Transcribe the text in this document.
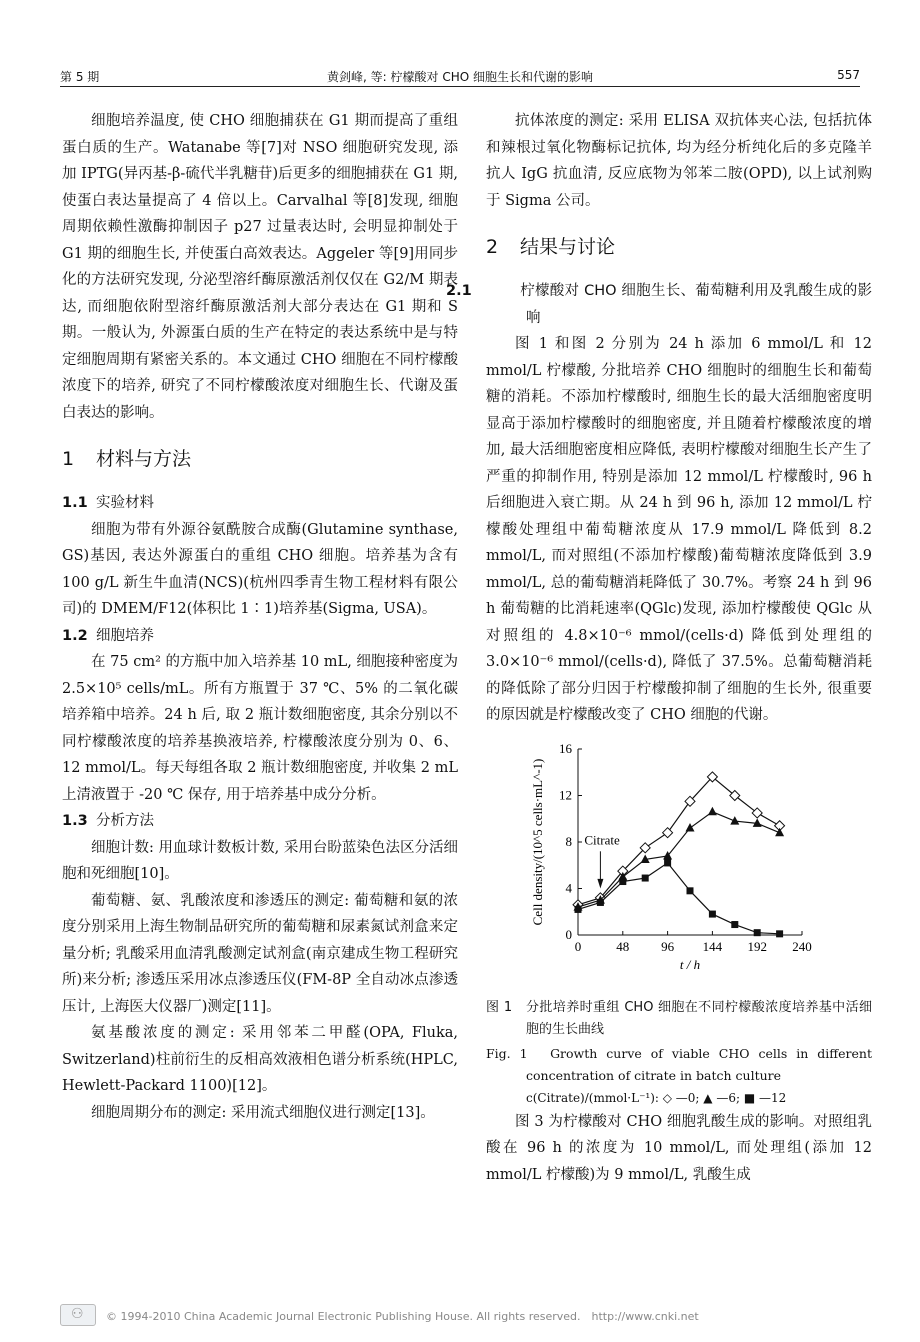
第 5 期	黄剑峰, 等: 柠檬酸对 CHO 细胞生长和代谢的影响	557

细胞培养温度, 使 CHO 细胞捕获在 G1 期而提高了重组蛋白质的生产。Watanabe 等[7]对 NSO 细胞研究发现, 添加 IPTG(异丙基-β-硫代半乳糖苷)后更多的细胞捕获在 G1 期, 使蛋白表达量提高了 4 倍以上。Carvalhal 等[8]发现, 细胞周期依赖性激酶抑制因子 p27 过量表达时, 会明显抑制处于 G1 期的细胞生长, 并使蛋白高效表达。Aggeler 等[9]用同步化的方法研究发现, 分泌型溶纤酶原激活剂仅仅在 G2/M 期表达, 而细胞依附型溶纤酶原激活剂大部分表达在 G1 期和 S 期。一般认为, 外源蛋白质的生产在特定的表达系统中是与特定细胞周期有紧密关系的。本文通过 CHO 细胞在不同柠檬酸浓度下的培养, 研究了不同柠檬酸浓度对细胞生长、代谢及蛋白表达的影响。

1 材料与方法
1.1 实验材料

细胞为带有外源谷氨酰胺合成酶(Glutamine synthase, GS)基因, 表达外源蛋白的重组 CHO 细胞。培养基为含有 100 g/L 新生牛血清(NCS)(杭州四季青生物工程材料有限公司)的 DMEM/F12(体积比 1∶1)培养基(Sigma, USA)。

1.2 细胞培养

在 75 cm² 的方瓶中加入培养基 10 mL, 细胞接种密度为 2.5×10⁵ cells/mL。所有方瓶置于 37 ℃、5% 的二氧化碳培养箱中培养。24 h 后, 取 2 瓶计数细胞密度, 其余分别以不同柠檬酸浓度的培养基换液培养, 柠檬酸浓度分别为 0、6、12 mmol/L。每天每组各取 2 瓶计数细胞密度, 并收集 2 mL 上清液置于 -20 ℃ 保存, 用于培养基中成分分析。

1.3 分析方法

细胞计数: 用血球计数板计数, 采用台盼蓝染色法区分活细胞和死细胞[10]。

葡萄糖、氨、乳酸浓度和渗透压的测定: 葡萄糖和氨的浓度分别采用上海生物制品研究所的葡萄糖和尿素氮试剂盒来定量分析; 乳酸采用血清乳酸测定试剂盒(南京建成生物工程研究所)来分析; 渗透压采用冰点渗透压仪(FM-8P 全自动冰点渗透压计, 上海医大仪器厂)测定[11]。

氨基酸浓度的测定: 采用邻苯二甲醛(OPA, Fluka, Switzerland)柱前衍生的反相高效液相色谱分析系统(HPLC, Hewlett-Packard 1100)[12]。

细胞周期分布的测定: 采用流式细胞仪进行测定[13]。

抗体浓度的测定: 采用 ELISA 双抗体夹心法, 包括抗体和辣根过氧化物酶标记抗体, 均为经分析纯化后的多克隆羊抗人 IgG 抗血清, 反应底物为邻苯二胺(OPD), 以上试剂购于 Sigma 公司。

2 结果与讨论
2.1	柠檬酸对 CHO 细胞生长、葡萄糖利用及乳酸生成的影响

图 1 和图 2 分别为 24 h 添加 6 mmol/L 和 12 mmol/L 柠檬酸, 分批培养 CHO 细胞时的细胞生长和葡萄糖的消耗。不添加柠檬酸时, 细胞生长的最大活细胞密度明显高于添加柠檬酸时的细胞密度, 并且随着柠檬酸浓度的增加, 最大活细胞密度相应降低, 表明柠檬酸对细胞生长产生了严重的抑制作用, 特别是添加 12 mmol/L 柠檬酸时, 96 h 后细胞进入衰亡期。从 24 h 到 96 h, 添加 12 mmol/L 柠檬酸处理组中葡萄糖浓度从 17.9 mmol/L 降低到 8.2 mmol/L, 而对照组(不添加柠檬酸)葡萄糖浓度降低到 3.9 mmol/L, 总的葡萄糖消耗降低了 30.7%。考察 24 h 到 96 h 葡萄糖的比消耗速率(QGlc)发现, 添加柠檬酸使 QGlc 从对照组的 4.8×10⁻⁶ mmol/(cells·d) 降低到处理组的 3.0×10⁻⁶ mmol/(cells·d), 降低了 37.5%。总葡萄糖消耗的降低除了部分归因于柠檬酸抑制了细胞的生长外, 很重要的原因就是柠檬酸改变了 CHO 细胞的代谢。

0	48 96 144 192 240
0
4
8
12
16
t / h
Cell density/(10^5 cells·mL^-1)	Citrate
图 1　分批培养时重组 CHO 细胞在不同柠檬酸浓度培养基中活细胞的生长曲线
Fig. 1　Growth curve of viable CHO cells in different concentration of citrate in batch culture
c(Citrate)/(mmol·L⁻¹): ◇ —0; ▲ —6; ■ —12

图 3 为柠檬酸对 CHO 细胞乳酸生成的影响。对照组乳酸在 96 h 的浓度为 10 mmol/L, 而处理组(添加 12 mmol/L 柠檬酸)为 9 mmol/L, 乳酸生成

⚇
© 1994-2010 China Academic Journal Electronic Publishing House. All rights reserved.　http://www.cnki.net
